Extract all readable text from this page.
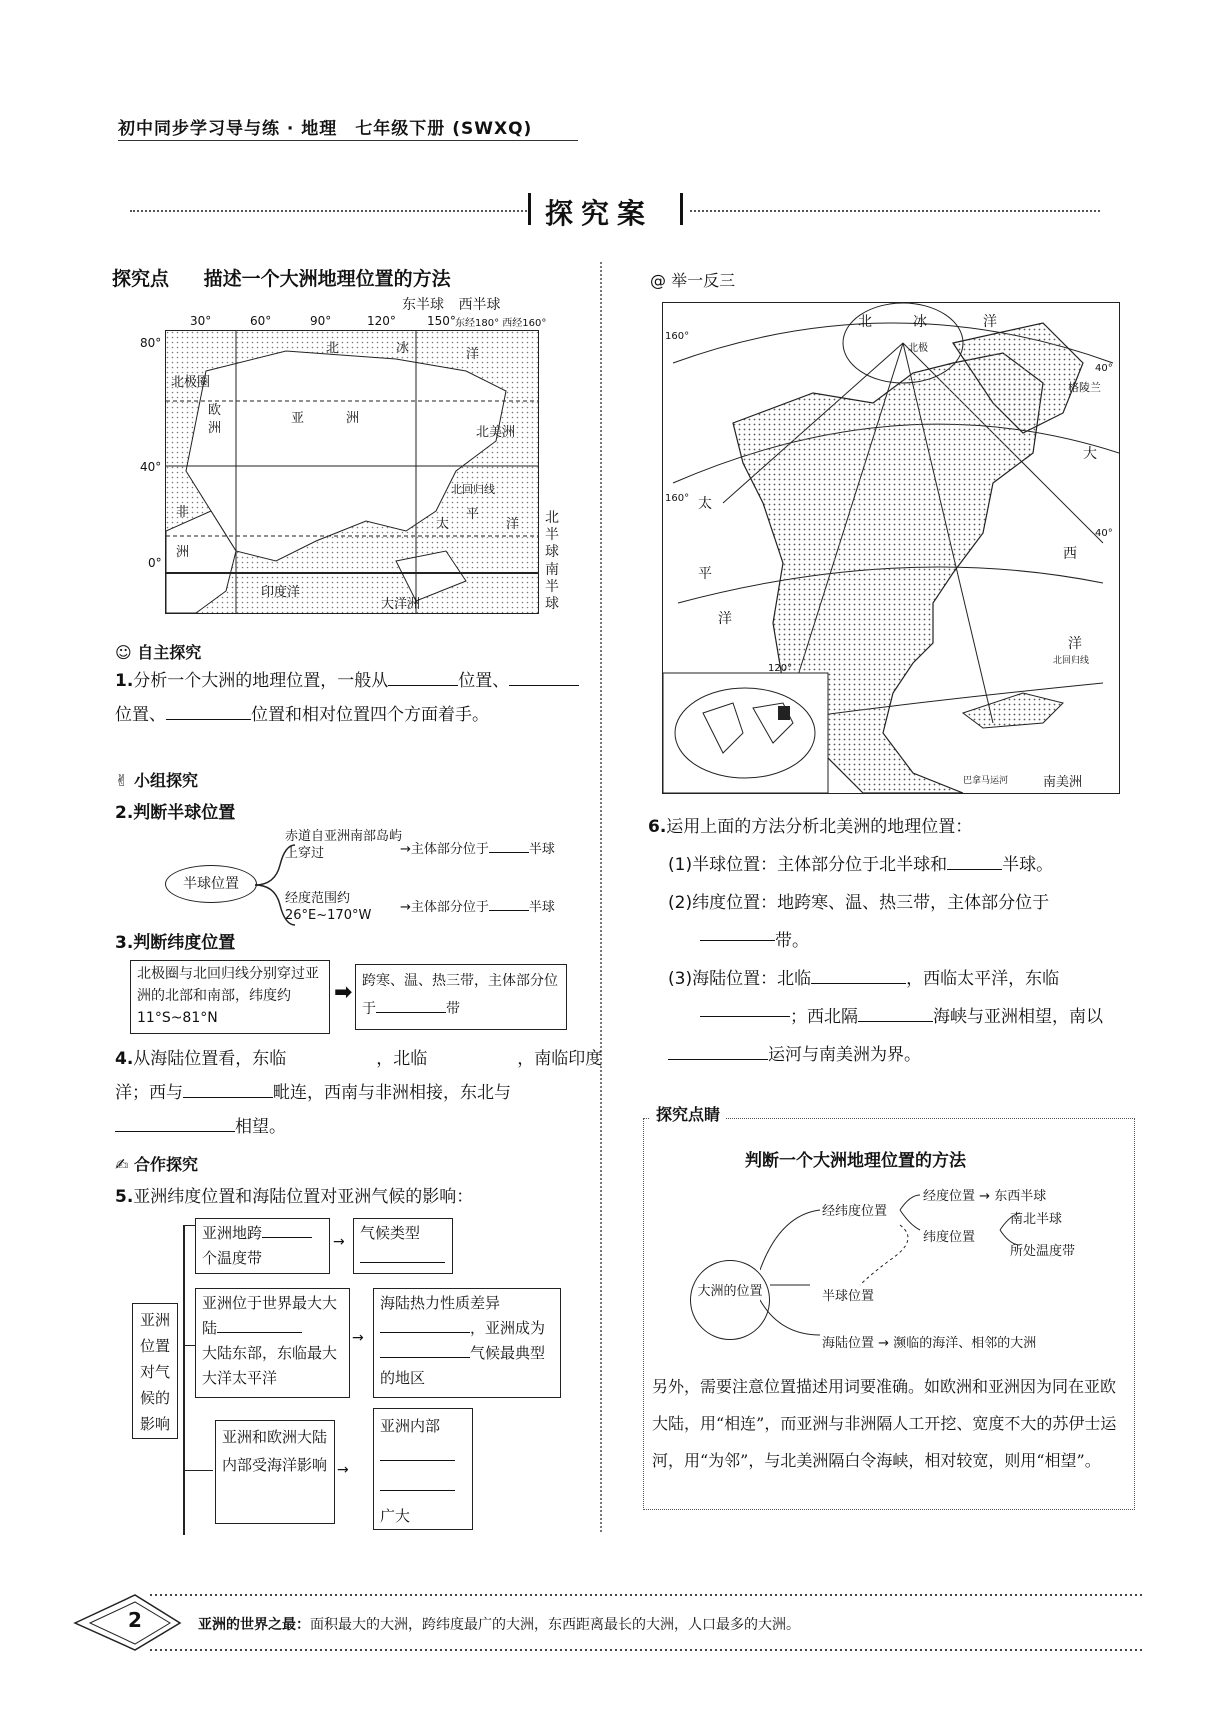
初中同步学习导与练 · 地理　七年级下册 (SWXQ)
探究案
探究点 描述一个大洲地理位置的方法
东半球 西半球
30°	60°	90°	120°	150° 东经180° 西经160°
北	冰	洋
北极圈
欧
洲
亚	洲
北美洲
非
洲
北回归线
太
平
洋
印度洋
大洋洲
80°
40°
0°
北半球
南半球
☺ 自主探究
1.分析一个大洲的地理位置，一般从	位置、位置、	位置和相对位置四个方面着手。
✌ 小组探究
2.判断半球位置
半球位置
赤道自亚洲南部岛屿上穿过	→主体部分位于	半球
经度范围约26°E~170°W
→主体部分位于	半球
3.判断纬度位置
北极圈与北回归线分别穿过亚洲的北部和南部，纬度约11°S~81°N
➡ 跨寒、温、热三带，主体部分位于	带
4.从海陆位置看，东临	，北临	，南临印度洋；西与	毗连，西南与非洲相接，东北与相望。
✍ 合作探究
5.亚洲纬度位置和海陆位置对亚洲气候的影响：
亚洲位置对气候的影响
亚洲地跨
个温度带
→	气候类型

亚洲位于世界最大大陆
大陆东部，东临最大大洋太平洋
→
海陆热力性质差异
，亚洲成为
气候最典型的地区
亚洲和欧洲大陆内部受海洋影响 →
亚洲内部

广大
@ 举一反三
北	冰	洋
北极
格陵兰
太
平
洋
大
西
洋
南美洲
巴拿马运河
北回归线
160°
160°
120°
40°
40°
6.运用上面的方法分析北美洲的地理位置：
(1)半球位置：主体部分位于北半球和	半球。
(2)纬度位置：地跨寒、温、热三带，主体部分位于
带。
(3)海陆位置：北临	，西临太平洋，东临
；西北隔	海峡与亚洲相望，南以运河与南美洲为界。
探究点睛
判断一个大洲地理位置的方法
大洲的位置
经纬度位置
经度位置 → 东西半球
纬度位置
南北半球
所处温度带
半球位置
海陆位置 → 濒临的海洋、相邻的大洲
另外，需要注意位置描述用词要准确。如欧洲和亚洲因为同在亚欧大陆，用“相连”，而亚洲与非洲隔人工开挖、宽度不大的苏伊士运河，用“为邻”，与北美洲隔白令海峡，相对较宽，则用“相望”。
2	亚洲的世界之最：面积最大的大洲，跨纬度最广的大洲，东西距离最长的大洲，人口最多的大洲。
